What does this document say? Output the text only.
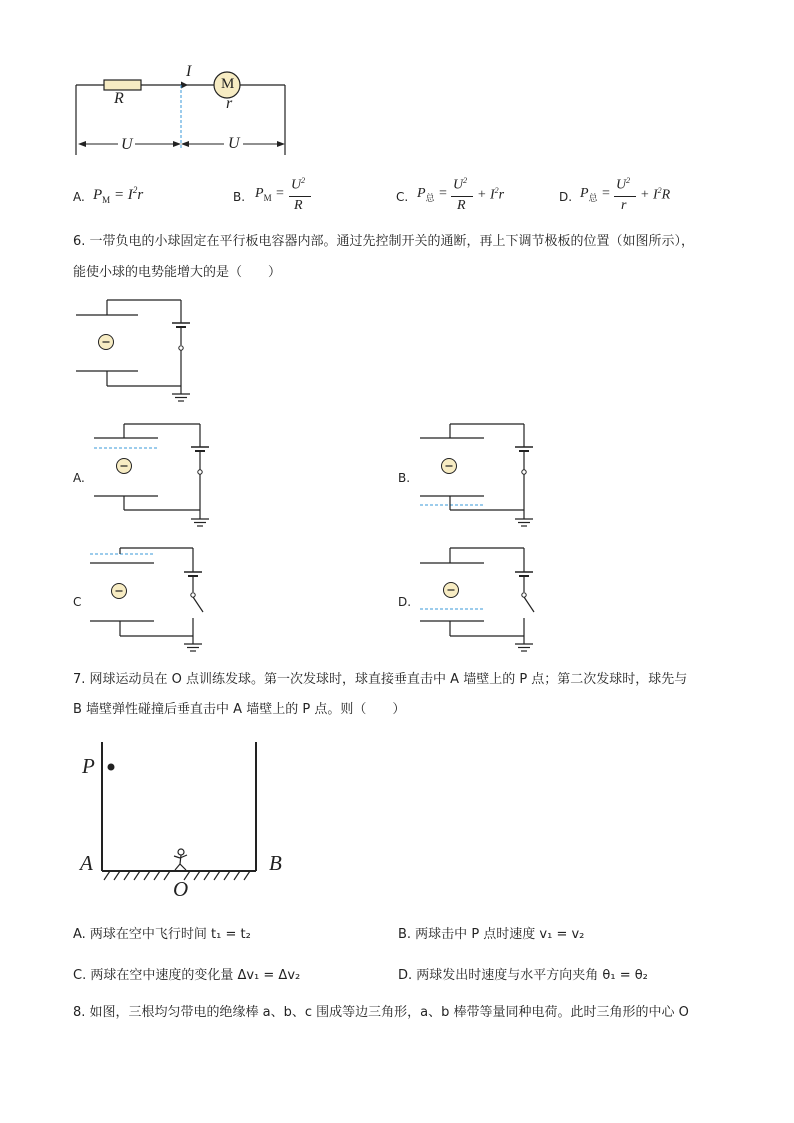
I
R
M
r
U	U
A. $P_M = I^2r$	B. $P_M$ =
$U^2$
R
C. $P_总$ =
$U^2$
R
+ $I^2r$	D. $P_总$ =
$U^2$
r
+ $I^2R$
6. 一带负电的小球固定在平行板电容器内部。通过先控制开关的通断，再上下调节极板的位置（如图所示），
能使小球的电势能增大的是（　　）
A.	B.
C	D.
7. 网球运动员在 O 点训练发球。第一次发球时，球直接垂直击中 A 墙壁上的 P 点；第二次发球时，球先与
B 墙壁弹性碰撞后垂直击中 A 墙壁上的 P 点。则（　　）
P
A	B
O
A. 两球在空中飞行时间 t₁ = t₂	B. 两球击中 P 点时速度 v₁ = v₂
C. 两球在空中速度的变化量 Δv₁ = Δv₂	D. 两球发出时速度与水平方向夹角 θ₁ = θ₂
8. 如图，三根均匀带电的绝缘棒 a、b、c 围成等边三角形，a、b 棒带等量同种电荷。此时三角形的中心 O
